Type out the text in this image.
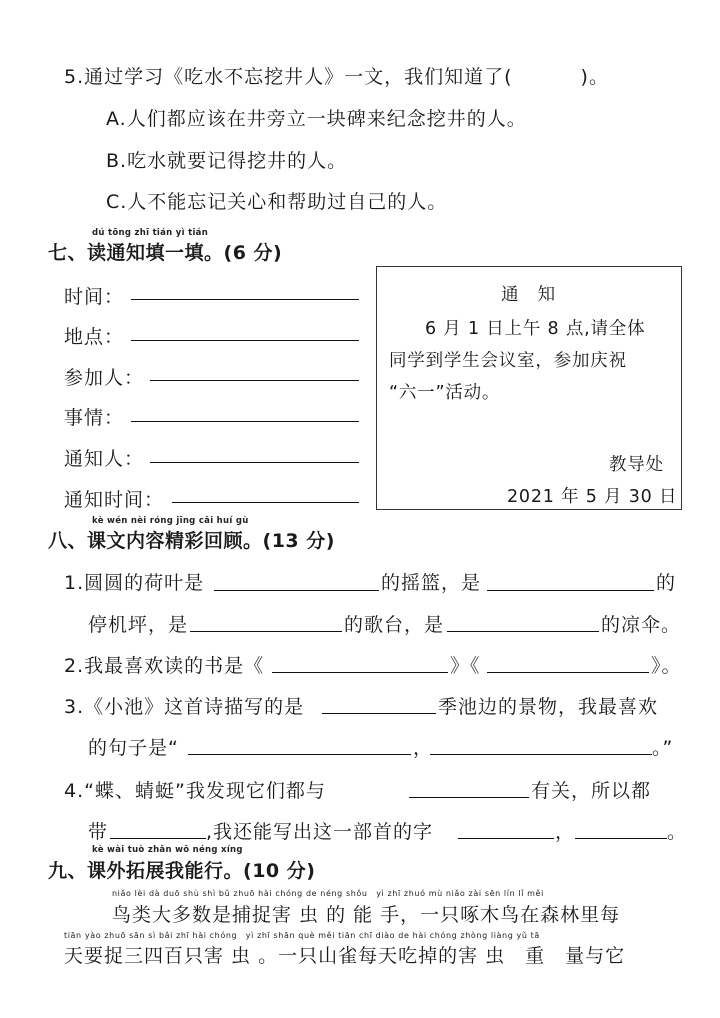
5.通过学习《吃水不忘挖井人》一文，我们知道了(	)。
A.人们都应该在井旁立一块碑来纪念挖井的人。
B.吃水就要记得挖井的人。
C.人不能忘记关心和帮助过自己的人。
dú tōng zhī tián yì tián
七、读通知填一填。(6 分)
时间：
地点：
参加人：
事情：
通知人：
通知时间：
通　知
6 月 1 日上午 8 点,请全体
同学到学生会议室，参加庆祝
“六一”活动。
教导处
2021 年 5 月 30 日
kè wén nèi róng jīng cǎi huí gù
八、课文内容精彩回顾。(13 分)
1.圆圆的荷叶是	的摇篮，是	的
停机坪，是	的歌台，是	的凉伞。
2.我最喜欢读的书是《	》《	》。
3.《小池》这首诗描写的是	季池边的景物，我最喜欢
的句子是“	，	。”
4.“蝶、蜻蜓”我发现它们都与	有关，所以都
带	,我还能写出这一部首的字	，	。
kè wài tuò zhǎn wǒ néng xíng
九、课外拓展我能行。(10 分)
niǎo lèi dà duō shù shì bǔ zhuō hài chóng de néng shǒu　yì zhī zhuó mù niǎo zài sēn lín lǐ měi
鸟类大多数是捕捉害 虫 的 能 手，一只啄木鸟在森林里每
tiān yào zhuō sān sì bǎi zhī hài chóng　yì zhī shān què měi tiān chī diào de hài chóng zhòng liàng yǔ tā
天要捉三四百只害 虫 。一只山雀每天吃掉的害 虫　重　量与它
